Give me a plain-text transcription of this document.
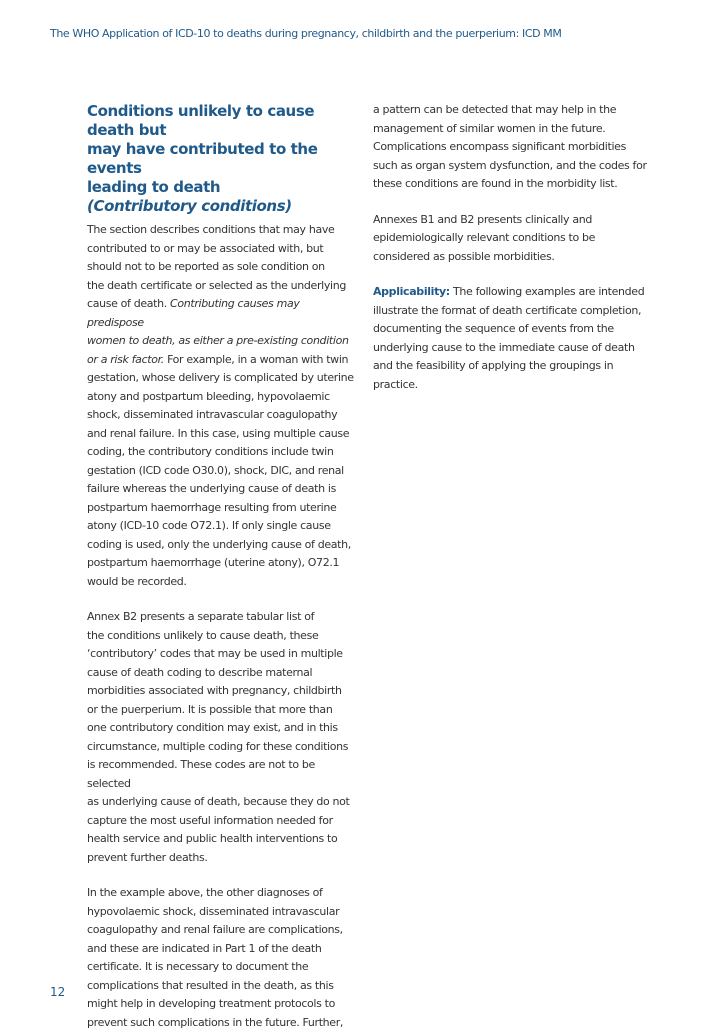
The WHO Application of ICD-10 to deaths during pregnancy, childbirth and the puerperium: ICD MM
Conditions unlikely to cause death but
may have contributed to the events
leading to death
(Contributory conditions)

The section describes conditions that may have
contributed to or may be associated with, but
should not to be reported as sole condition on
the death certificate or selected as the underlying
cause of death. Contributing causes may predispose
women to death, as either a pre-existing condition
or a risk factor. For example, in a woman with twin
gestation, whose delivery is complicated by uterine
atony and postpartum bleeding, hypovolaemic
shock, disseminated intravascular coagulopathy
and renal failure. In this case, using multiple cause
coding, the contributory conditions include twin
gestation (ICD code O30.0), shock, DIC, and renal
failure whereas the underlying cause of death is
postpartum haemorrhage resulting from uterine
atony (ICD-10 code O72.1). If only single cause
coding is used, only the underlying cause of death,
postpartum haemorrhage (uterine atony), O72.1
would be recorded.

Annex B2 presents a separate tabular list of
the conditions unlikely to cause death, these
‘contributory’ codes that may be used in multiple
cause of death coding to describe maternal
morbidities associated with pregnancy, childbirth
or the puerperium. It is possible that more than
one contributory condition may exist, and in this
circumstance, multiple coding for these conditions
is recommended. These codes are not to be selected
as underlying cause of death, because they do not
capture the most useful information needed for
health service and public health interventions to
prevent further deaths.

In the example above, the other diagnoses of
hypovolaemic shock, disseminated intravascular
coagulopathy and renal failure are complications,
and these are indicated in Part 1 of the death
certificate. It is necessary to document the
complications that resulted in the death, as this
might help in developing treatment protocols to
prevent such complications in the future. Further,

a pattern can be detected that may help in the
management of similar women in the future.
Complications encompass significant morbidities
such as organ system dysfunction, and the codes for
these conditions are found in the morbidity list.

Annexes B1 and B2 presents clinically and
epidemiologically relevant conditions to be
considered as possible morbidities.

Applicability: The following examples are intended
illustrate the format of death certificate completion,
documenting the sequence of events from the
underlying cause to the immediate cause of death
and the feasibility of applying the groupings in
practice.

12
